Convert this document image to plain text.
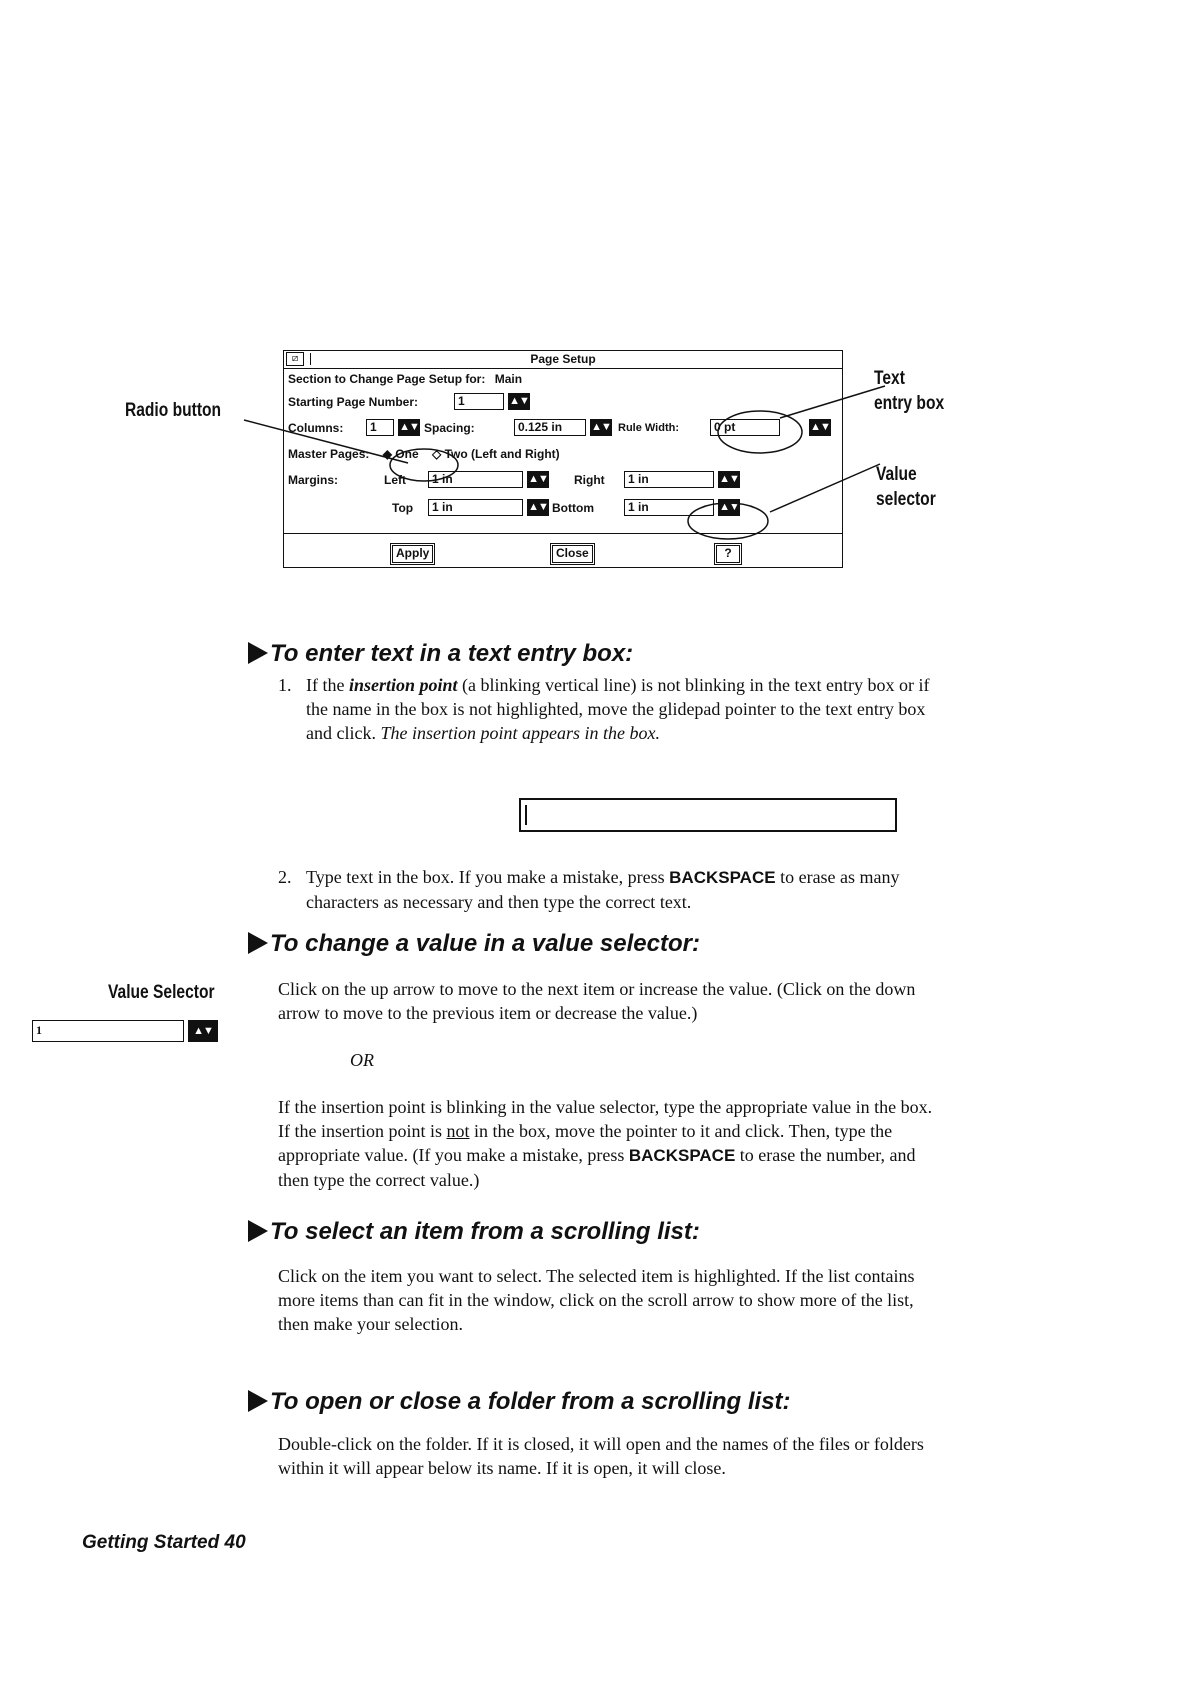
⧄	Page Setup
Section to Change Page Setup for: Main
Starting Page Number:	1	▲▼
Columns:	1	▲▼ Spacing:	0.125 in	▲▼ Rule Width:	0 pt	▲▼
Master Pages: ◆ One ◇ Two (Left and Right)
Margins:	Left	1 in	▲▼ Right	1 in	▲▼
Top	1 in	▲▼ Bottom	1 in	▲▼
Apply	Close	?
Radio button
Text
entry box
Value
selector
To enter text in a text entry box:
1. If the insertion point (a blinking vertical line) is not blinking in the text entry box or if the name in the box is not highlighted, move the glidepad pointer to the text entry box and click. The insertion point appears in the box.
2. Type text in the box. If you make a mistake, press BACKSPACE to erase as many characters as necessary and then type the correct text.
To change a value in a value selector:
Value Selector
1	▲▼
Click on the up arrow to move to the next item or increase the value. (Click on the down arrow to move to the previous item or decrease the value.)
OR
If the insertion point is blinking in the value selector, type the appropriate value in the box. If the insertion point is not in the box, move the pointer to it and click. Then, type the appropriate value. (If you make a mistake, press BACKSPACE to erase the number, and then type the correct value.)
To select an item from a scrolling list:
Click on the item you want to select. The selected item is highlighted. If the list contains more items than can fit in the window, click on the scroll arrow to show more of the list, then make your selection.
To open or close a folder from a scrolling list:
Double-click on the folder. If it is closed, it will open and the names of the files or folders within it will appear below its name. If it is open, it will close.
Getting Started 40
